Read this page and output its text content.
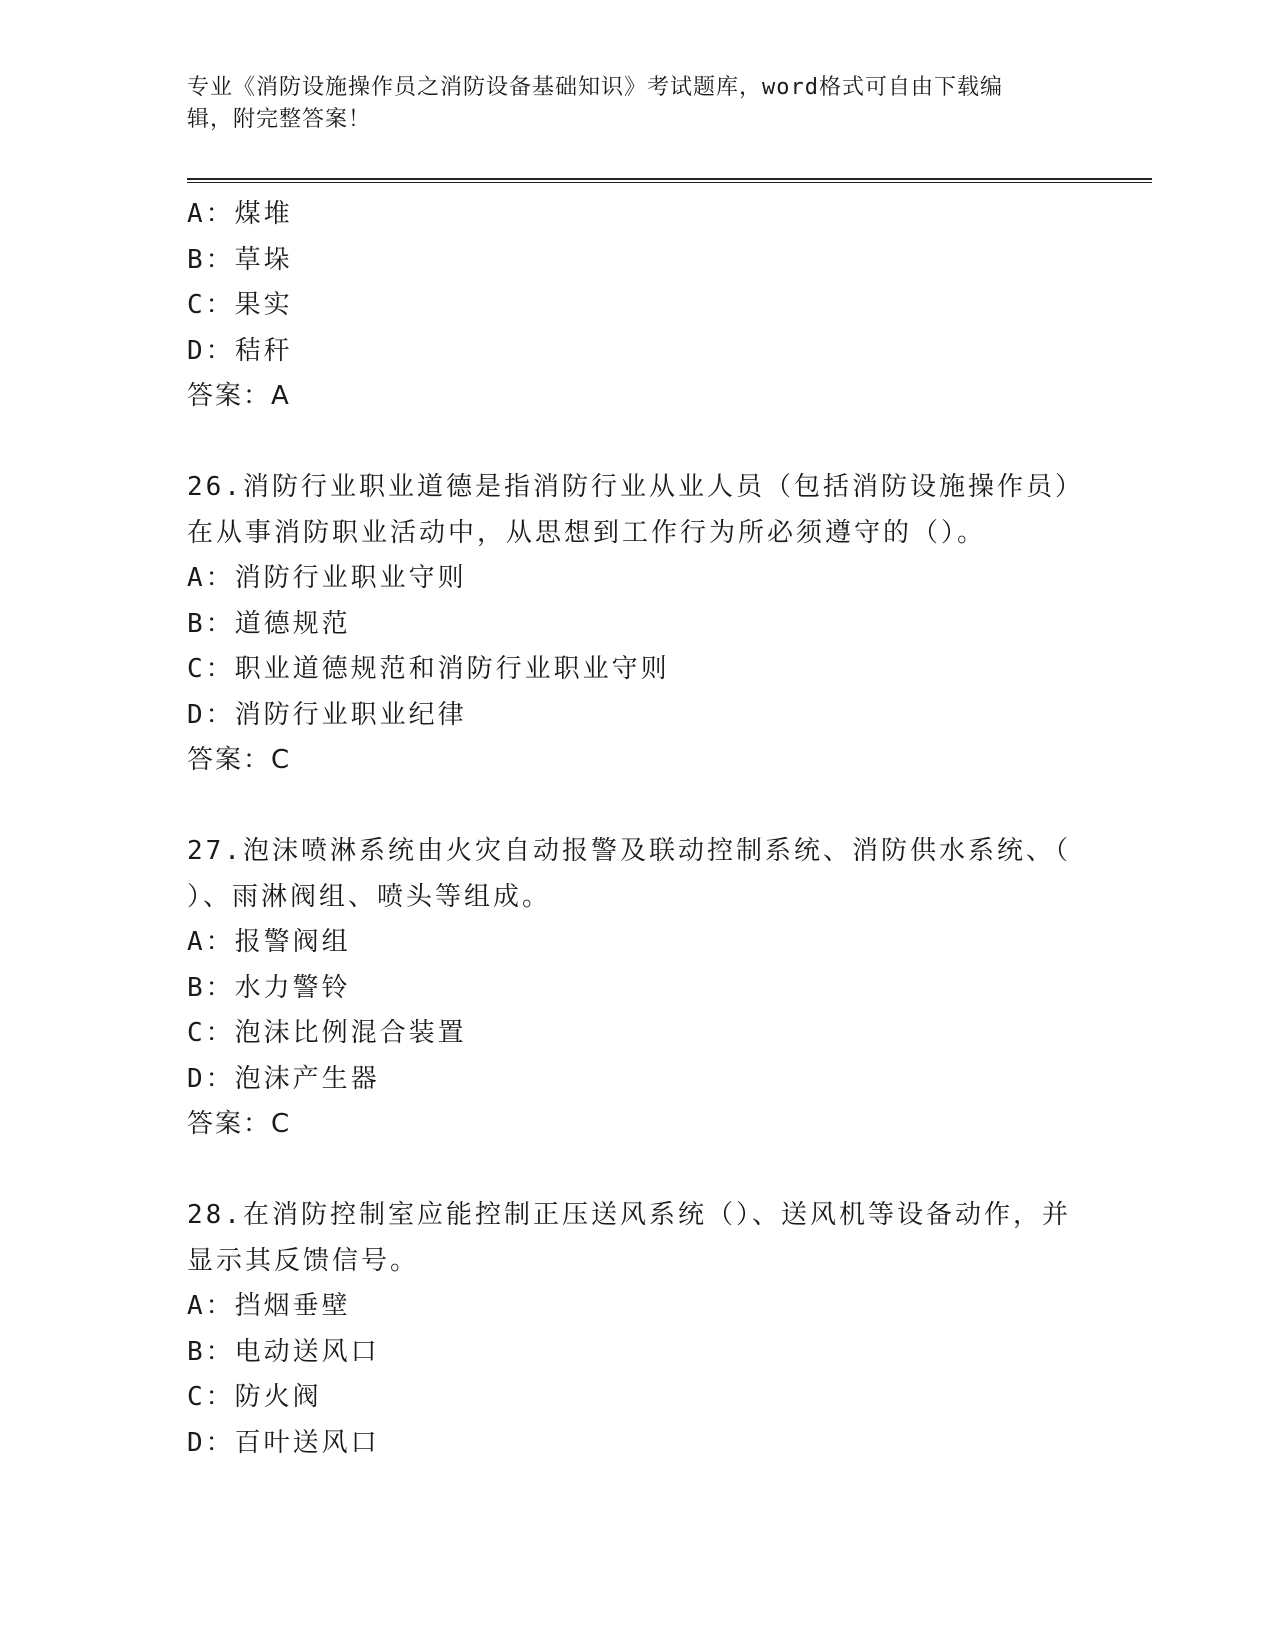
专业《消防设施操作员之消防设备基础知识》考试题库，word格式可自由下载编
辑，附完整答案！
A：煤堆
B：草垛
C：果实
D：秸秆
答案：A
26.消防行业职业道德是指消防行业从业人员（包括消防设施操作员）
在从事消防职业活动中，从思想到工作行为所必须遵守的（）。
A：消防行业职业守则
B：道德规范
C：职业道德规范和消防行业职业守则
D：消防行业职业纪律
答案：C
27.泡沫喷淋系统由火灾自动报警及联动控制系统、消防供水系统、（
）、雨淋阀组、喷头等组成。
A：报警阀组
B：水力警铃
C：泡沫比例混合装置
D：泡沫产生器
答案：C
28.在消防控制室应能控制正压送风系统（）、送风机等设备动作，并
显示其反馈信号。
A：挡烟垂壁
B：电动送风口
C：防火阀
D：百叶送风口
